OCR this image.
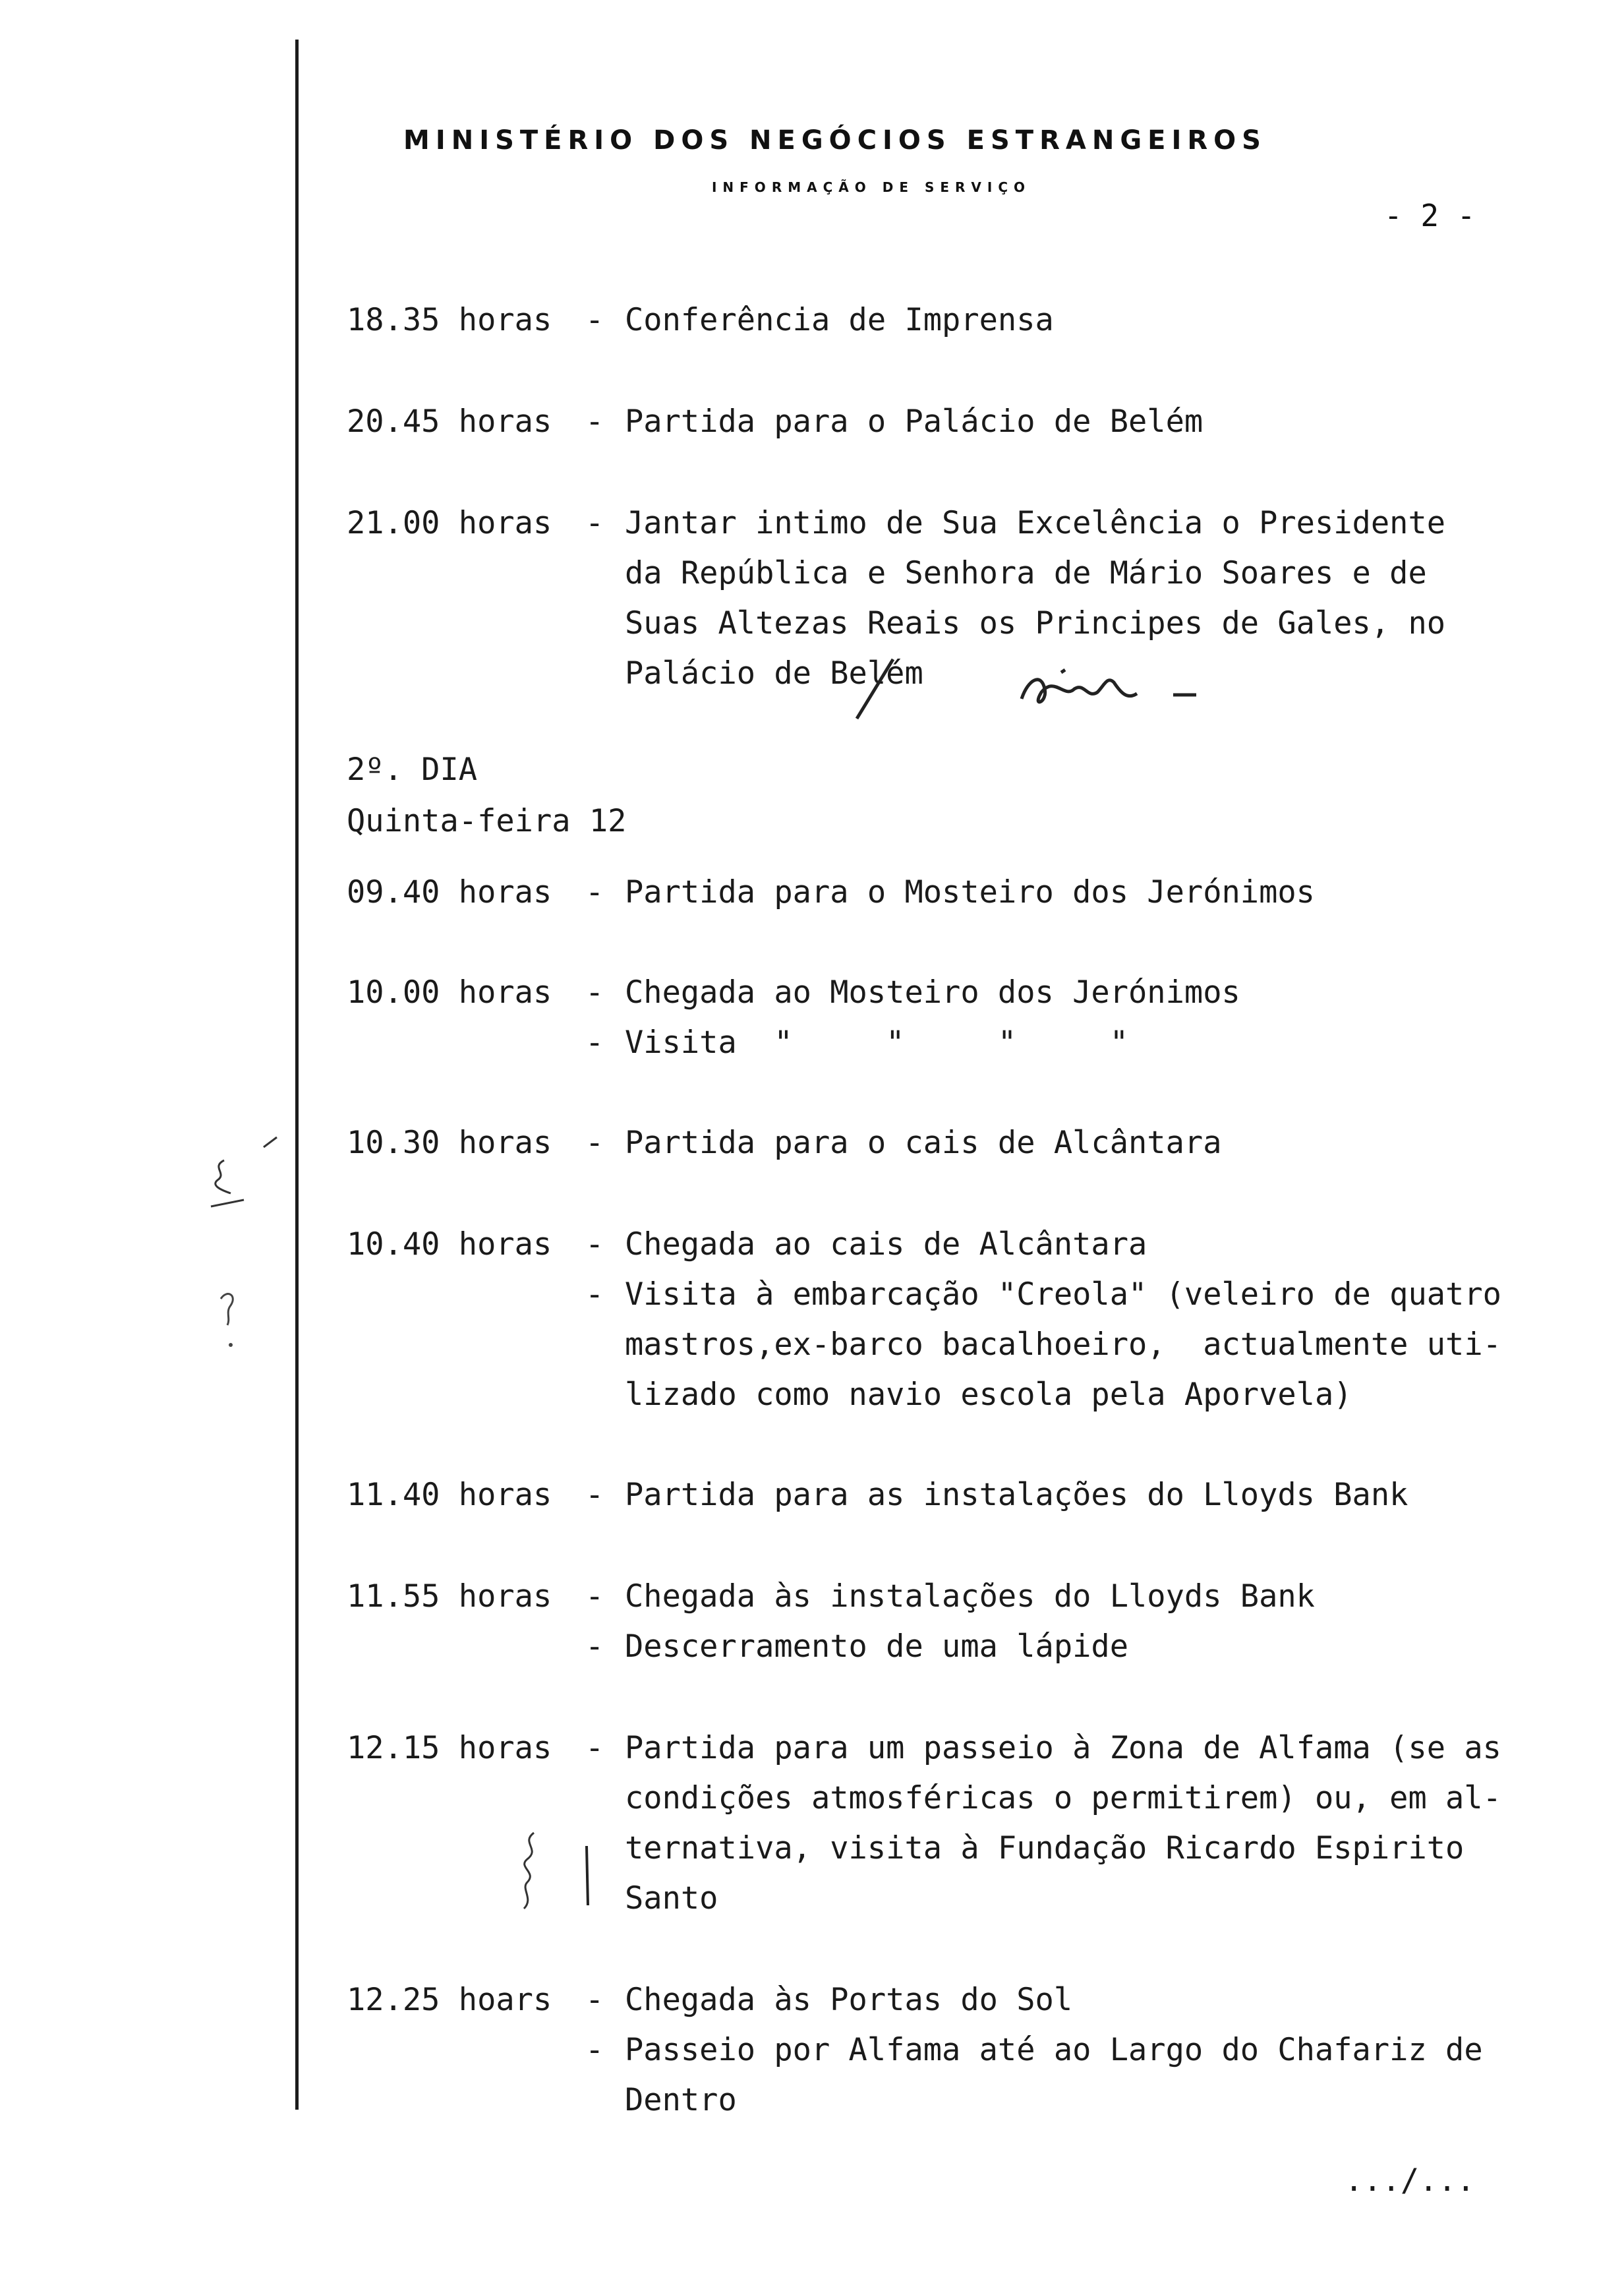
MINISTÉRIO DOS NEGÓCIOS ESTRANGEIROS
INFORMAÇÃO DE SERVIÇO
- 2 -
18.35 horas - Conferência de Imprensa
20.45 horas - Partida para o Palácio de Belém
21.00 horas - Jantar intimo de Sua Excelência o Presidente
da República e Senhora de Mário Soares e de
Suas Altezas Reais os Principes de Gales, no
Palácio de Belém
2º. DIA
Quinta-feira 12
09.40 horas - Partida para o Mosteiro dos Jerónimos
10.00 horas - Chegada ao Mosteiro dos Jerónimos
- Visita  "     "     "     "
10.30 horas - Partida para o cais de Alcântara
10.40 horas - Chegada ao cais de Alcântara
- Visita à embarcação "Creola" (veleiro de quatro
mastros,ex-barco bacalhoeiro,  actualmente uti-
lizado como navio escola pela Aporvela)
11.40 horas - Partida para as instalações do Lloyds Bank
11.55 horas - Chegada às instalações do Lloyds Bank
- Descerramento de uma lápide
12.15 horas - Partida para um passeio à Zona de Alfama (se as
condições atmosféricas o permitirem) ou, em al-
ternativa, visita à Fundação Ricardo Espirito
Santo
12.25 hoars - Chegada às Portas do Sol
- Passeio por Alfama até ao Largo do Chafariz de
Dentro
.../...
